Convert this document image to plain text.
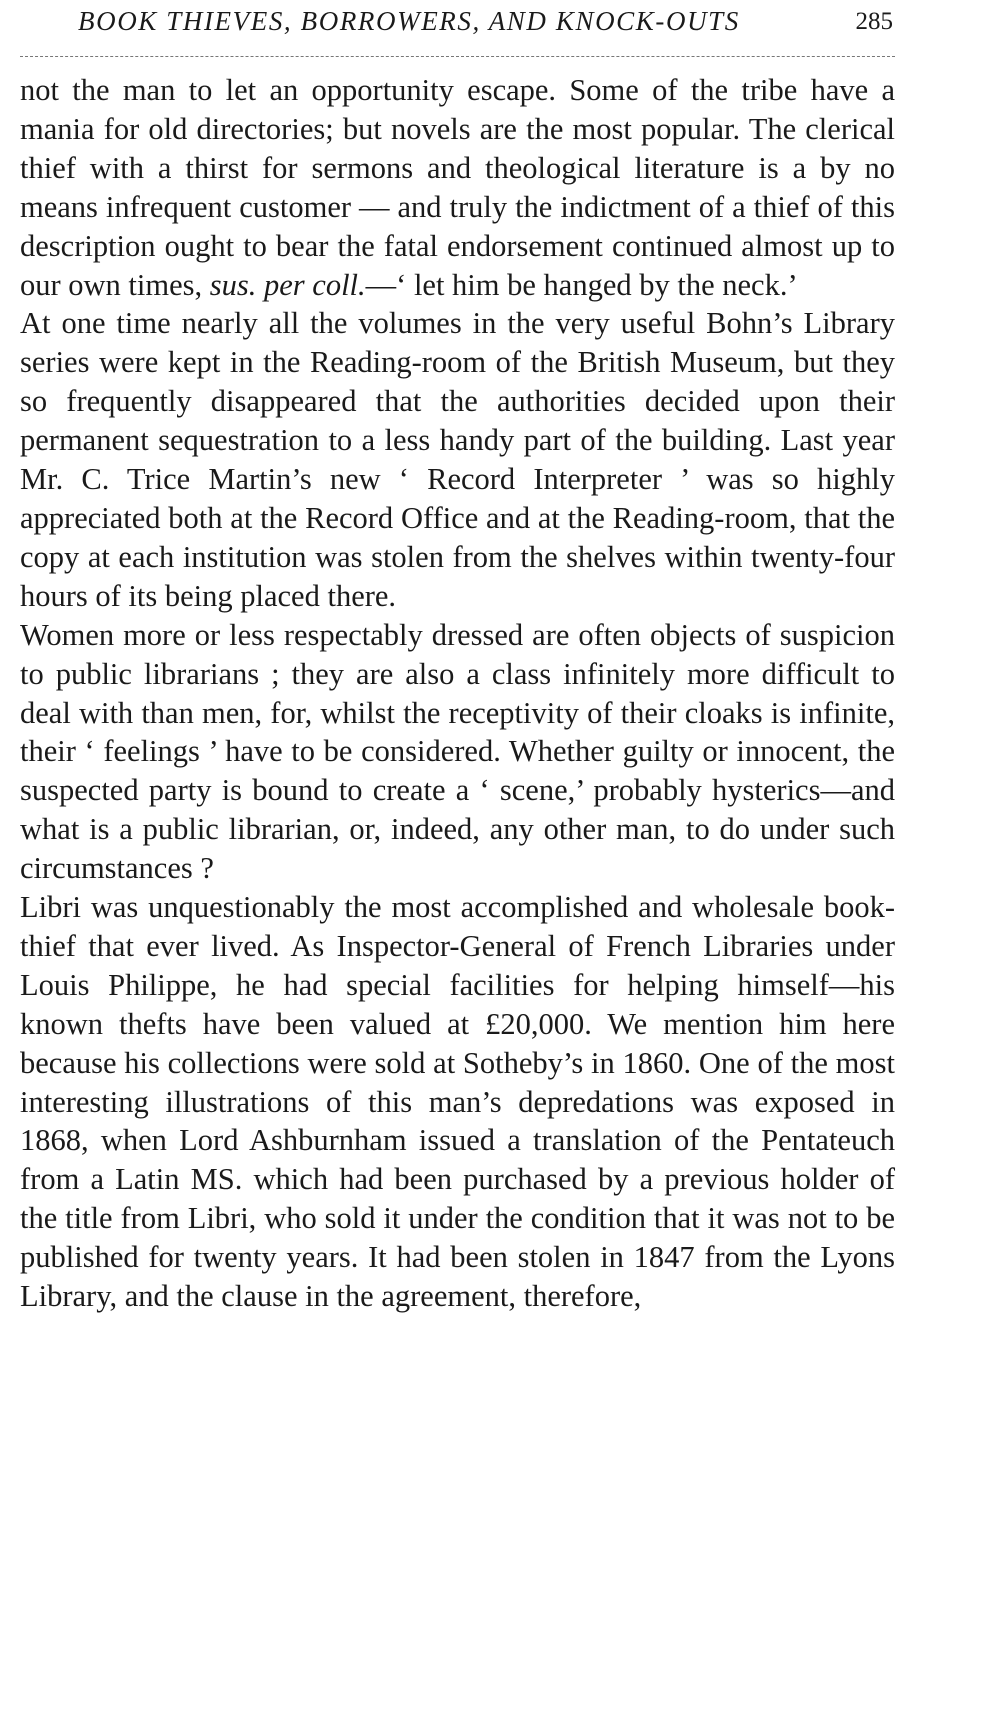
BOOK THIEVES, BORROWERS, AND KNOCK-OUTS	285

not the man to let an opportunity escape. Some of the tribe have a mania for old directories; but novels are the most popular. The clerical thief with a thirst for sermons and theological literature is a by no means infrequent customer — and truly the indictment of a thief of this description ought to bear the fatal endorsement continued almost up to our own times, sus. per coll.—‘ let him be hanged by the neck.’

At one time nearly all the volumes in the very useful Bohn’s Library series were kept in the Reading-room of the British Museum, but they so frequently disappeared that the authorities decided upon their permanent sequestration to a less handy part of the building. Last year Mr. C. Trice Martin’s new ‘ Record Interpreter ’ was so highly appreciated both at the Record Office and at the Reading-room, that the copy at each institution was stolen from the shelves within twenty-four hours of its being placed there.

Women more or less respectably dressed are often objects of suspicion to public librarians ; they are also a class infinitely more difficult to deal with than men, for, whilst the receptivity of their cloaks is infinite, their ‘ feelings ’ have to be considered. Whether guilty or innocent, the suspected party is bound to create a ‘ scene,’ probably hysterics—and what is a public librarian, or, indeed, any other man, to do under such circumstances ?

Libri was unquestionably the most accomplished and wholesale book-thief that ever lived. As Inspector-General of French Libraries under Louis Philippe, he had special facilities for helping himself—his known thefts have been valued at £20,000. We mention him here because his collections were sold at Sotheby’s in 1860. One of the most interesting illustrations of this man’s depredations was exposed in 1868, when Lord Ashburnham issued a translation of the Pentateuch from a Latin MS. which had been purchased by a previous holder of the title from Libri, who sold it under the condition that it was not to be published for twenty years. It had been stolen in 1847 from the Lyons Library, and the clause in the agreement, therefore,
